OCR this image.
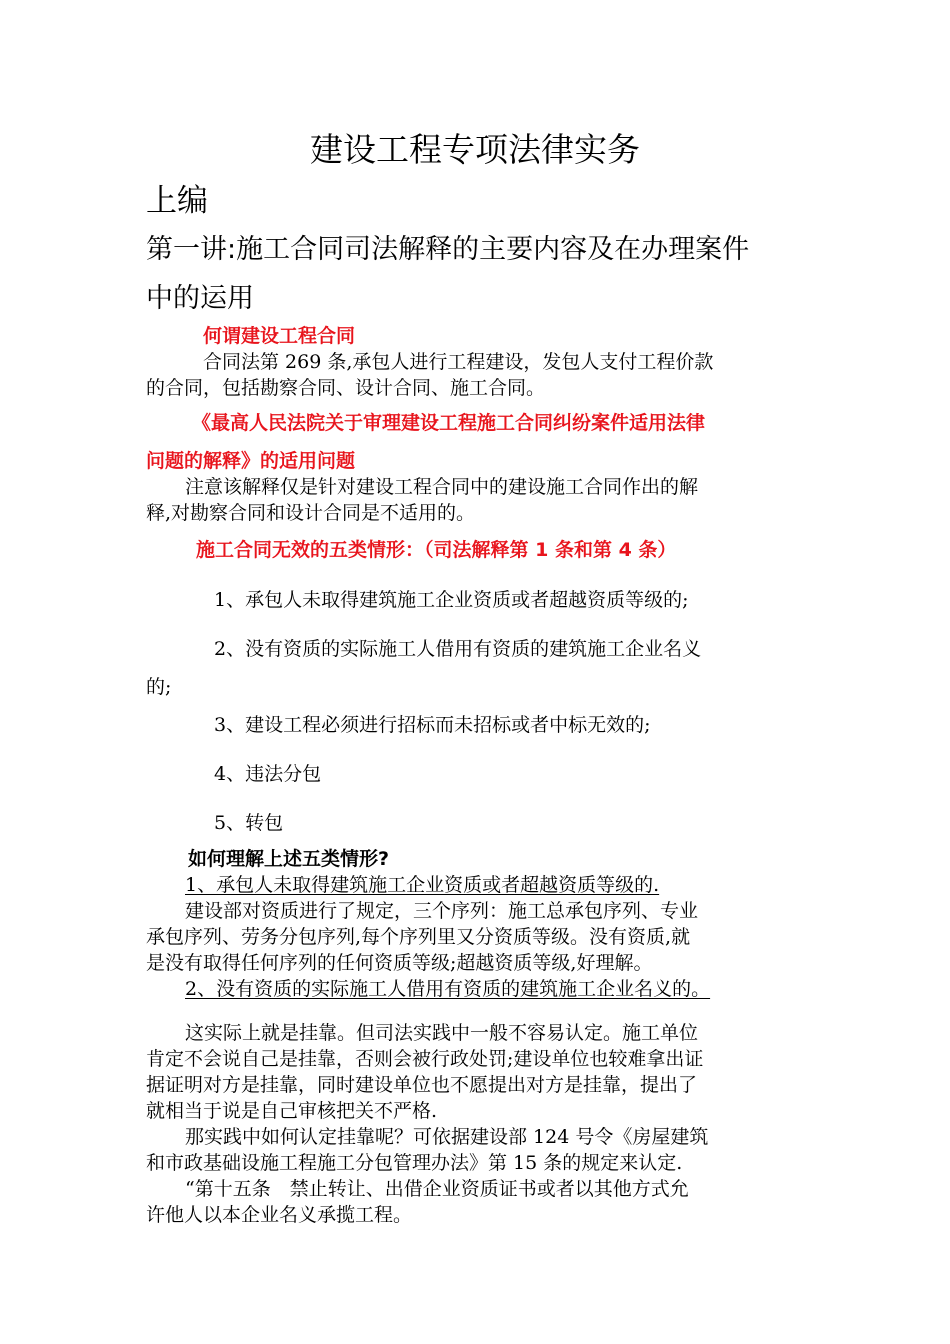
建设工程专项法律实务
上编
第一讲:施工合同司法解释的主要内容及在办理案件
中的运用

何谓建设工程合同

合同法第 269 条,承包人进行工程建设，发包人支付工程价款

的合同，包括勘察合同、设计合同、施工合同。

《最高人民法院关于审理建设工程施工合同纠纷案件适用法律

问题的解释》的适用问题

注意该解释仅是针对建设工程合同中的建设施工合同作出的解

释,对勘察合同和设计合同是不适用的。

施工合同无效的五类情形：（司法解释第 1 条和第 4 条）

1、承包人未取得建筑施工企业资质或者超越资质等级的;

2、没有资质的实际施工人借用有资质的建筑施工企业名义

的;

3、建设工程必须进行招标而未招标或者中标无效的;

4、违法分包

5、转包

如何理解上述五类情形?

1、承包人未取得建筑施工企业资质或者超越资质等级的.

建设部对资质进行了规定，三个序列：施工总承包序列、专业

承包序列、劳务分包序列,每个序列里又分资质等级。没有资质,就

是没有取得任何序列的任何资质等级;超越资质等级,好理解。

2、没有资质的实际施工人借用有资质的建筑施工企业名义的。

这实际上就是挂靠。但司法实践中一般不容易认定。施工单位

肯定不会说自己是挂靠，否则会被行政处罚;建设单位也较难拿出证

据证明对方是挂靠，同时建设单位也不愿提出对方是挂靠，提出了

就相当于说是自己审核把关不严格.

那实践中如何认定挂靠呢？可依据建设部 124 号令《房屋建筑

和市政基础设施工程施工分包管理办法》第 15 条的规定来认定.

“第十五条　禁止转让、出借企业资质证书或者以其他方式允

许他人以本企业名义承揽工程。
